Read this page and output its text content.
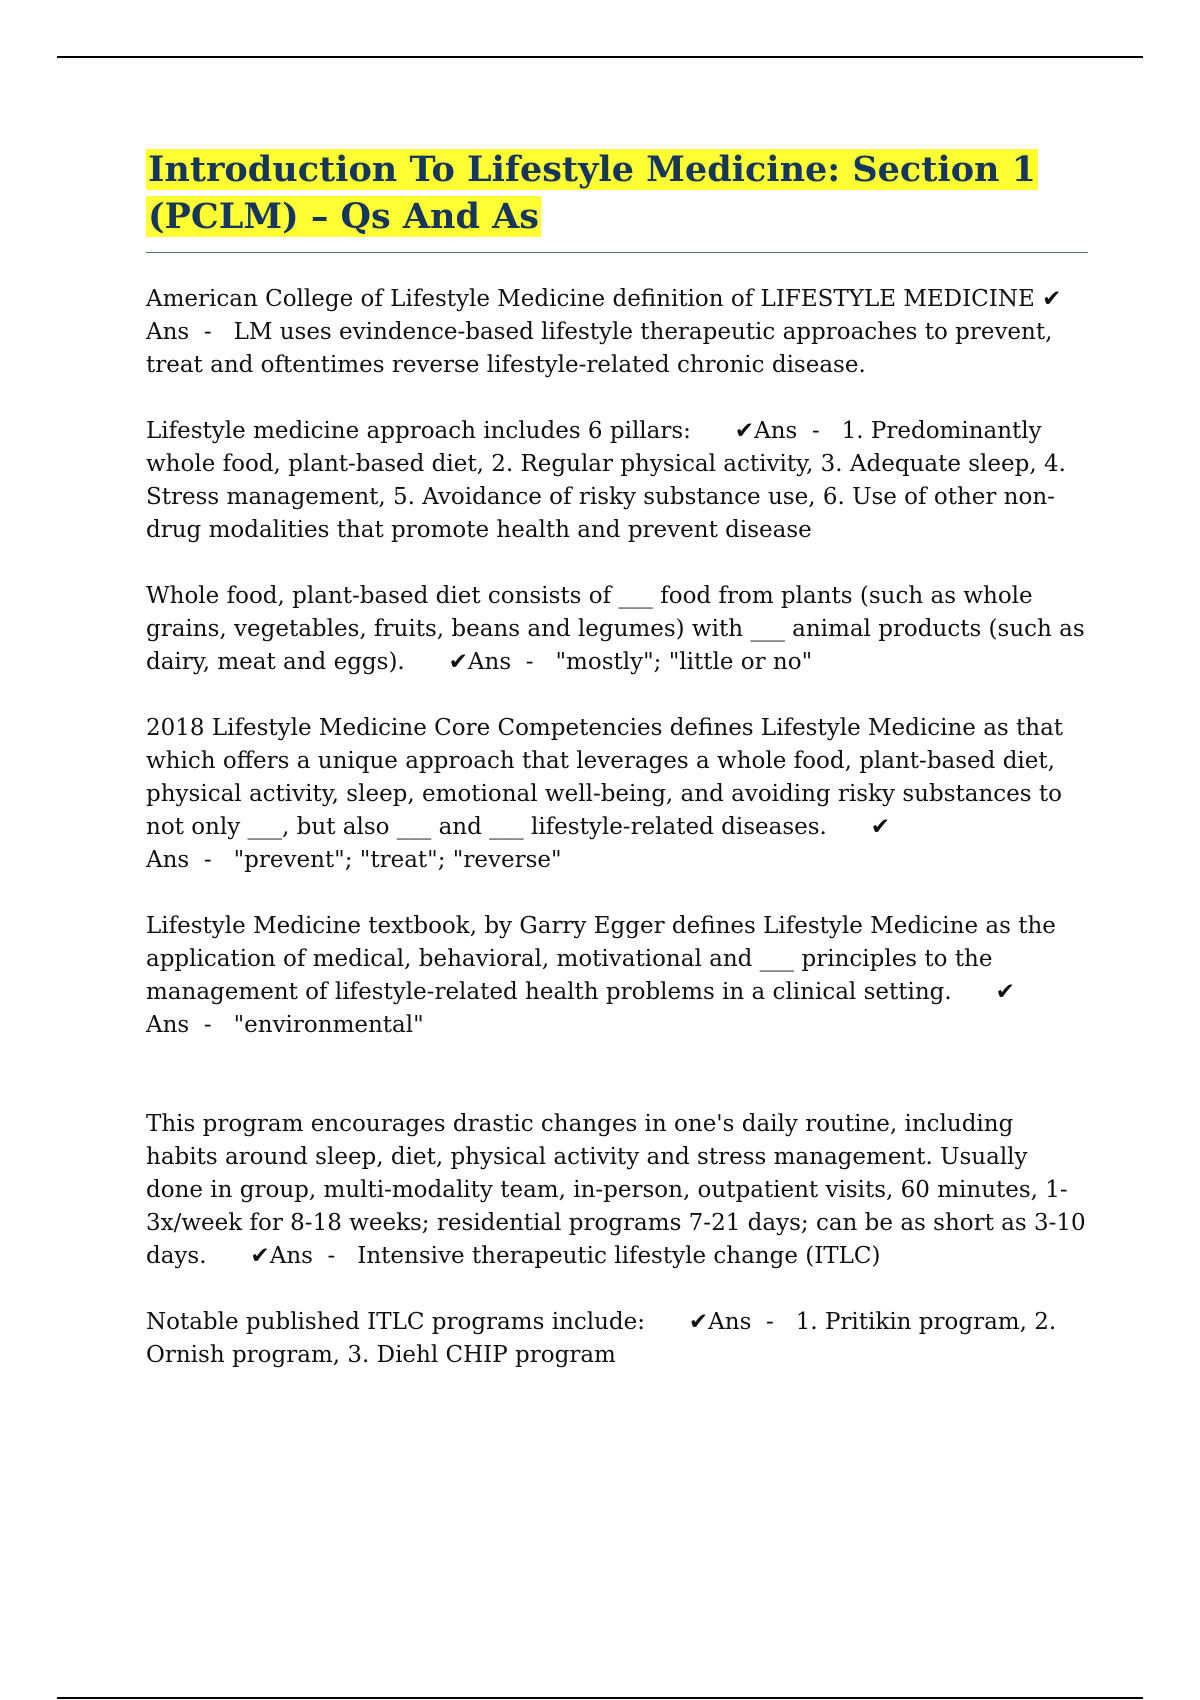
Introduction To Lifestyle Medicine: Section 1
(PCLM) – Qs And As

American College of Lifestyle Medicine definition of LIFESTYLE MEDICINE ✔Ans  -   LM uses evindence-based lifestyle therapeutic approaches to prevent, treat and oftentimes reverse lifestyle-related chronic disease.

Lifestyle medicine approach includes 6 pillars:      ✔Ans  -   1. Predominantly whole food, plant-based diet, 2. Regular physical activity, 3. Adequate sleep, 4. Stress management, 5. Avoidance of risky substance use, 6. Use of other non-drug modalities that promote health and prevent disease

Whole food, plant-based diet consists of ___ food from plants (such as whole grains, vegetables, fruits, beans and legumes) with ___ animal products (such as dairy, meat and eggs).      ✔Ans  -   "mostly"; "little or no"

2018 Lifestyle Medicine Core Competencies defines Lifestyle Medicine as that which offers a unique approach that leverages a whole food, plant-based diet, physical activity, sleep, emotional well-being, and avoiding risky substances to not only ___, but also ___ and ___ lifestyle-related diseases.      ✔Ans  -   "prevent"; "treat"; "reverse"

Lifestyle Medicine textbook, by Garry Egger defines Lifestyle Medicine as the application of medical, behavioral, motivational and ___ principles to the management of lifestyle-related health problems in a clinical setting.      ✔Ans  -   "environmental"

This program encourages drastic changes in one's daily routine, including habits around sleep, diet, physical activity and stress management. Usually done in group, multi-modality team, in-person, outpatient visits, 60 minutes, 1-3x/week for 8-18 weeks; residential programs 7-21 days; can be as short as 3-10 days.      ✔Ans  -   Intensive therapeutic lifestyle change (ITLC)

Notable published ITLC programs include:      ✔Ans  -   1. Pritikin program, 2. Ornish program, 3. Diehl CHIP program
